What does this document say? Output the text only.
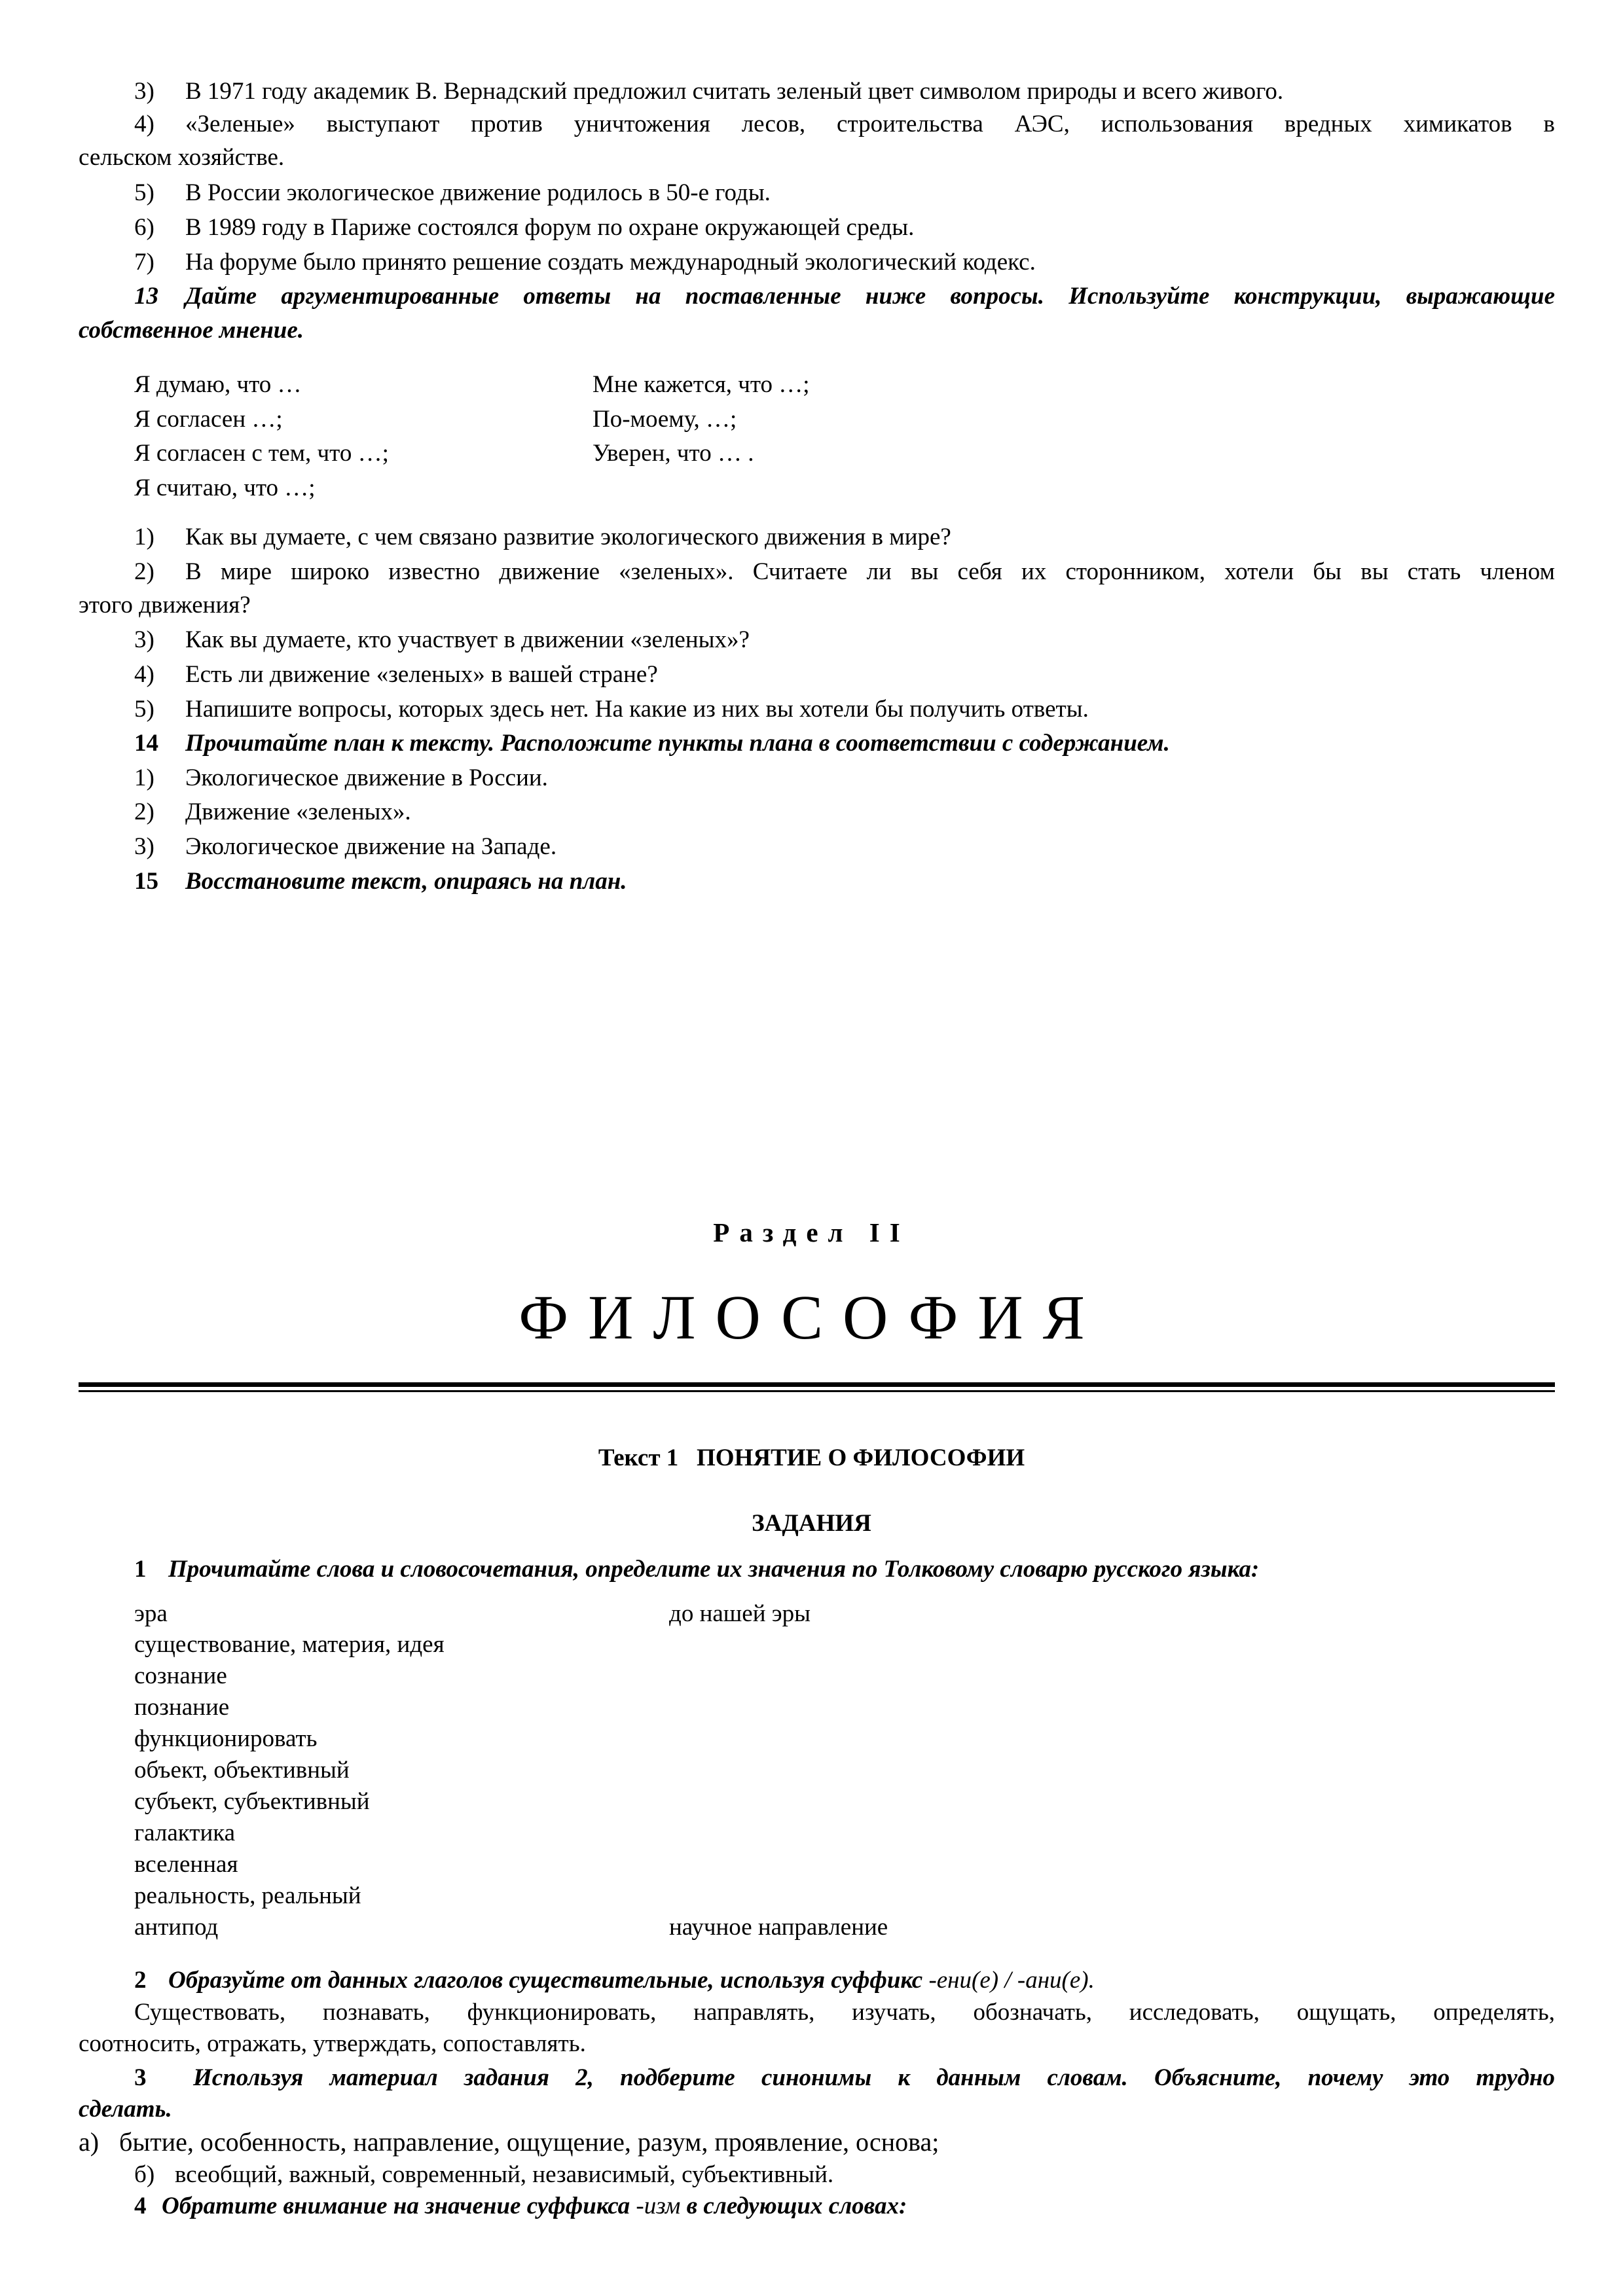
3) В 1971 году академик В. Вернадский предложил считать зеленый цвет символом природы и всего живого.
4) «Зеленые» выступают против уничтожения лесов, строительства АЭС, использования вредных химикатов в
сельском хозяйстве.
5) В России экологическое движение родилось в 50-е годы.
6) В 1989 году в Париже состоялся форум по охране окружающей среды.
7) На форуме было принято решение создать международный экологический кодекс.
13 Дайте аргументированные ответы на поставленные ниже вопросы. Используйте конструкции, выражающие
собственное мнение.
Я думаю, что …
Я согласен …;
Я согласен с тем, что …;
Я считаю, что …;
Мне кажется, что …;
По-моему, …;
Уверен, что … .
1) Как вы думаете, с чем связано развитие экологического движения в мире?
2) В мире широко известно движение «зеленых». Считаете ли вы себя их сторонником, хотели бы вы стать членом
этого движения?
3) Как вы думаете, кто участвует в движении «зеленых»?
4) Есть ли движение «зеленых» в вашей стране?
5) Напишите вопросы, которых здесь нет. На какие из них вы хотели бы получить ответы.
14 Прочитайте план к тексту. Расположите пункты плана в соответствии с содержанием.
1) Экологическое движение в России.
2) Движение «зеленых».
3) Экологическое движение на Западе.
15 Восстановите текст, опираясь на план.
Раздел II
ФИЛОСОФИЯ
Текст 1 ПОНЯТИЕ О ФИЛОСОФИИ
ЗАДАНИЯ
1 Прочитайте слова и словосочетания, определите их значения по Толковому словарю русского языка:
эра
существование, материя, идея
сознание
познание
функционировать
объект, объективный
субъект, субъективный
галактика
вселенная
реальность, реальный
антипод
до нашей эры
научное направление
2 Образуйте от данных глаголов существительные, используя суффикс -ени(е) / -ани(е).
Существовать, познавать, функционировать, направлять, изучать, обозначать, исследовать, ощущать, определять,
соотносить, отражать, утверждать, сопоставлять.
3 Используя материал задания 2, подберите синонимы к данным словам. Объясните, почему это трудно
сделать.
а) бытие, особенность, направление, ощущение, разум, проявление, основа;
б) всеобщий, важный, современный, независимый, субъективный.
4 Обратите внимание на значение суффикса -изм в следующих словах:
